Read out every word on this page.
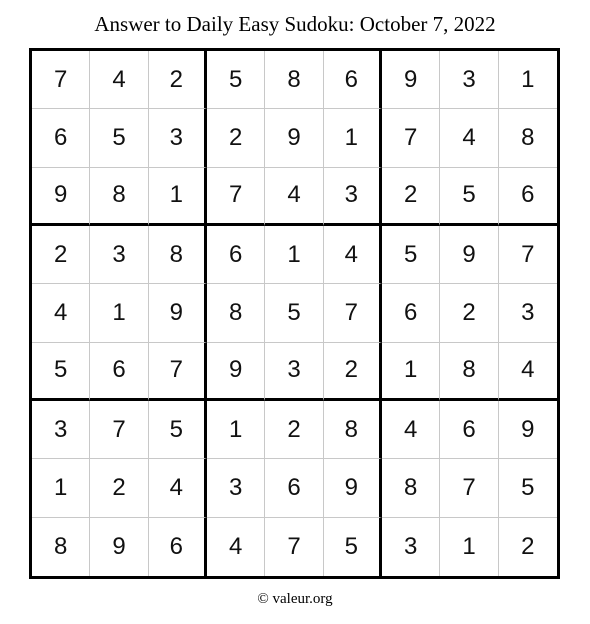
Answer to Daily Easy Sudoku: October 7, 2022
7	4	2	5	8	6	9	3	1
6	5	3	2	9	1	7	4	8
9	8	1	7	4	3	2	5	6
2	3	8	6	1	4	5	9	7
4	1	9	8	5	7	6	2	3
5	6	7	9	3	2	1	8	4
3	7	5	1	2	8	4	6	9
1	2	4	3	6	9	8	7	5
8	9	6	4	7	5	3	1	2
© valeur.org
